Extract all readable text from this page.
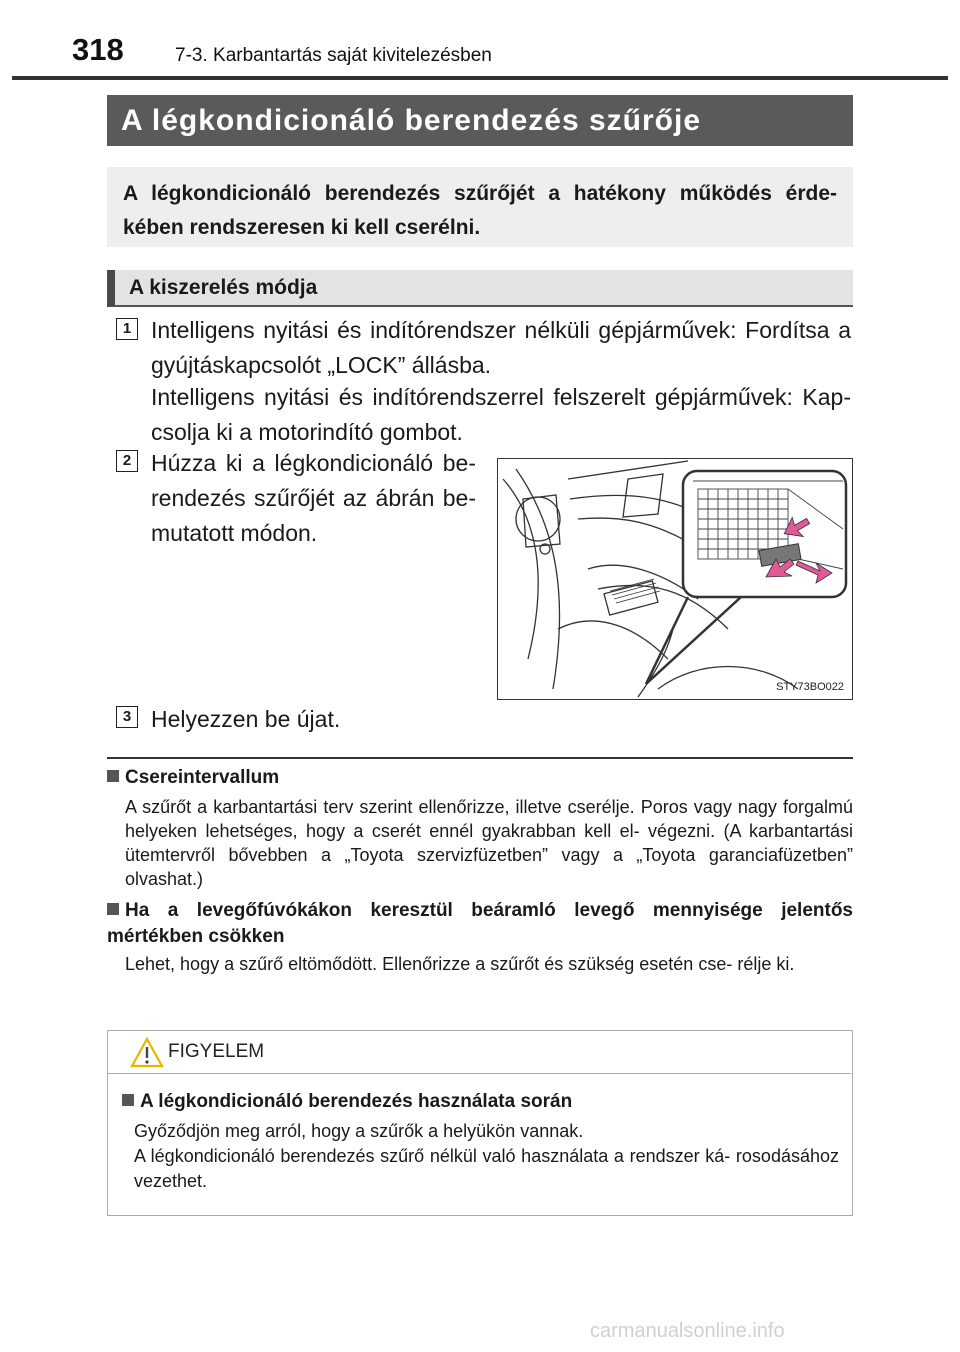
318	7-3. Karbantartás saját kivitelezésben
A légkondicionáló berendezés szűrője
A légkondicionáló berendezés szűrőjét a hatékony működés érde- kében rendszeresen ki kell cserélni.
A kiszerelés módja
1 Intelligens nyitási és indítórendszer nélküli gépjárművek: Fordítsa a gyújtáskapcsolót „LOCK” állásba.
Intelligens nyitási és indítórendszerrel felszerelt gépjárművek: Kap- csolja ki a motorindító gombot.
2 Húzza ki a légkondicionáló be- rendezés szűrőjét az ábrán be- mutatott módon.
STY73BO022
3 Helyezzen be újat.
Csereintervallum
A szűrőt a karbantartási terv szerint ellenőrizze, illetve cserélje. Poros vagy nagy forgalmú helyeken lehetséges, hogy a cserét ennél gyakrabban kell el- végezni. (A karbantartási ütemtervről bővebben a „Toyota szervizfüzetben” vagy a „Toyota garanciafüzetben” olvashat.)
Ha a levegőfúvókákon keresztül beáramló levegő mennyisége jelentős mértékben csökken
Lehet, hogy a szűrő eltömődött. Ellenőrizze a szűrőt és szükség esetén cse- rélje ki.
FIGYELEM
A légkondicionáló berendezés használata során
Győződjön meg arról, hogy a szűrők a helyükön vannak.
A légkondicionáló berendezés szűrő nélkül való használata a rendszer ká- rosodásához vezethet.
carmanualsonline.info
